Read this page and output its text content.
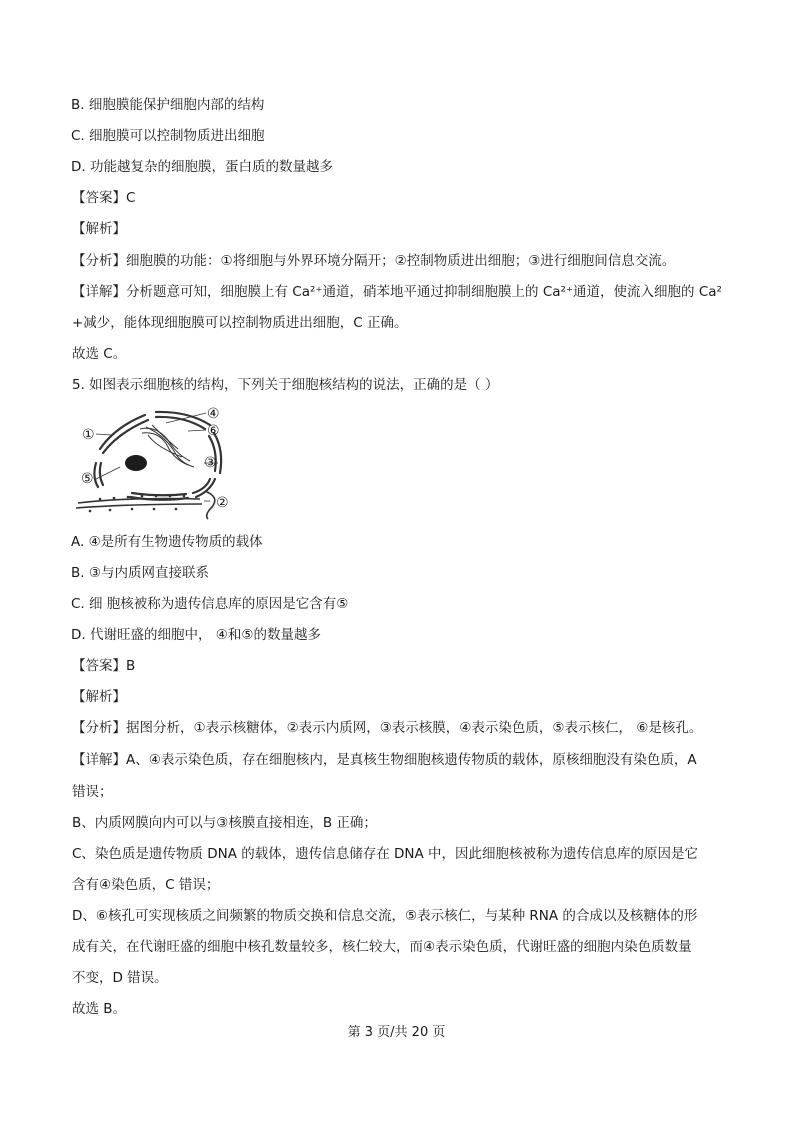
B. 细胞膜能保护细胞内部的结构

C. 细胞膜可以控制物质进出细胞

D. 功能越复杂的细胞膜，蛋白质的数量越多

【答案】C

【解析】

【分析】细胞膜的功能：①将细胞与外界环境分隔开；②控制物质进出细胞；③进行细胞间信息交流。

【详解】分析题意可知，细胞膜上有 Ca²⁺通道，硝苯地平通过抑制细胞膜上的 Ca²⁺通道，使流入细胞的 Ca²

+减少，能体现细胞膜可以控制物质进出细胞，C 正确。

故选 C。

5. 如图表示细胞核的结构，下列关于细胞核结构的说法，正确的是（ ）

①
②
③
④
⑤
⑥

A. ④是所有生物遗传物质的载体

B. ③与内质网直接联系

C. 细 胞核被称为遗传信息库的原因是它含有⑤

D. 代谢旺盛的细胞中， ④和⑤的数量越多

【答案】B

【解析】

【分析】据图分析，①表示核糖体，②表示内质网，③表示核膜，④表示染色质，⑤表示核仁， ⑥是核孔。

【详解】A、④表示染色质，存在细胞核内，是真核生物细胞核遗传物质的载体，原核细胞没有染色质，A

错误；

B、内质网膜向内可以与③核膜直接相连，B 正确；

C、染色质是遗传物质 DNA 的载体，遗传信息储存在 DNA 中，因此细胞核被称为遗传信息库的原因是它

含有④染色质，C 错误；

D、⑥核孔可实现核质之间频繁的物质交换和信息交流，⑤表示核仁，与某种 RNA 的合成以及核糖体的形

成有关，在代谢旺盛的细胞中核孔数量较多，核仁较大，而④表示染色质，代谢旺盛的细胞内染色质数量

不变，D 错误。

故选 B。

第 3 页/共 20 页
